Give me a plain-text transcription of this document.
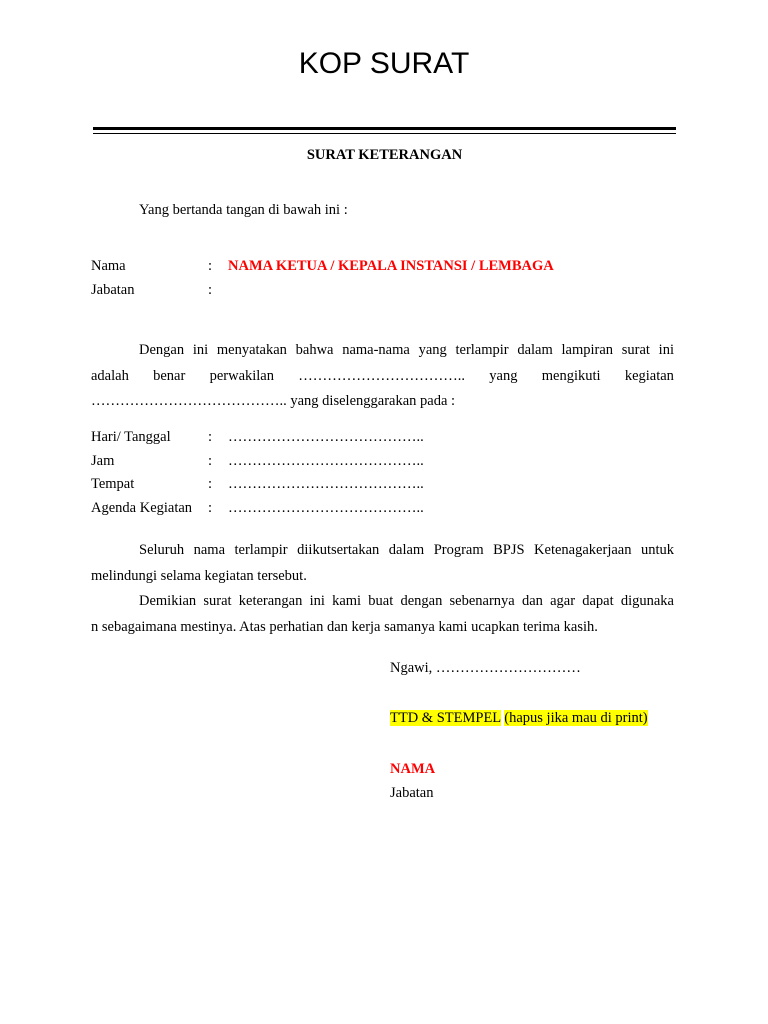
KOP SURAT
SURAT KETERANGAN
Yang bertanda tangan di bawah ini :
Nama	: NAMA KETUA / KEPALA INSTANSI / LEMBAGA
Jabatan	:
Dengan ini menyatakan bahwa nama-nama yang terlampir dalam lampiran surat ini
adalah benar perwakilan …………………………….. yang mengikuti kegiatan
………………………………….. yang diselenggarakan pada :
Hari/ Tanggal	: …………………………………..
Jam	: …………………………………..
Tempat	: …………………………………..
Agenda Kegiatan : …………………………………..
Seluruh nama terlampir diikutsertakan dalam Program BPJS Ketenagakerjaan untuk
melindungi selama kegiatan tersebut.
Demikian surat keterangan ini kami buat dengan sebenarnya dan agar dapat digunaka
n sebagaimana mestinya. Atas perhatian dan kerja samanya kami ucapkan terima kasih.
Ngawi, …………………………
TTD & STEMPEL (hapus jika mau di print)
NAMA
Jabatan
